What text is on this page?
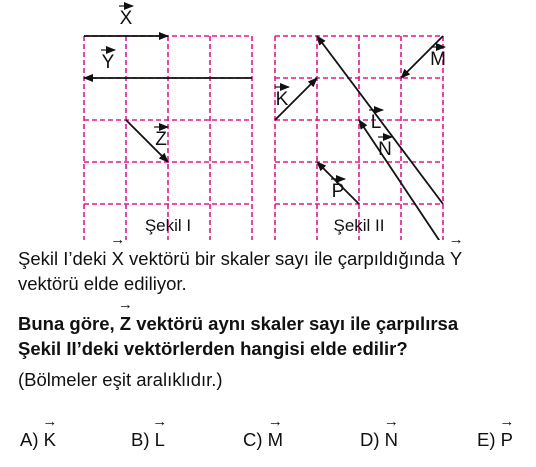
X
Y
Z
K
L
M
N
P
Şekil I	Şekil II

Şekil I’deki → X vektörü bir skaler sayı ile çarpıldığında → Y

vektörü elde ediliyor.

Buna göre, → Z vektörü aynı skaler sayı ile çarpılırsa

Şekil II’deki vektörlerden hangisi elde edilir?

(Bölmeler eşit aralıklıdır.)

A) → K	B) → L	C) → M	D) → N	E) → P
